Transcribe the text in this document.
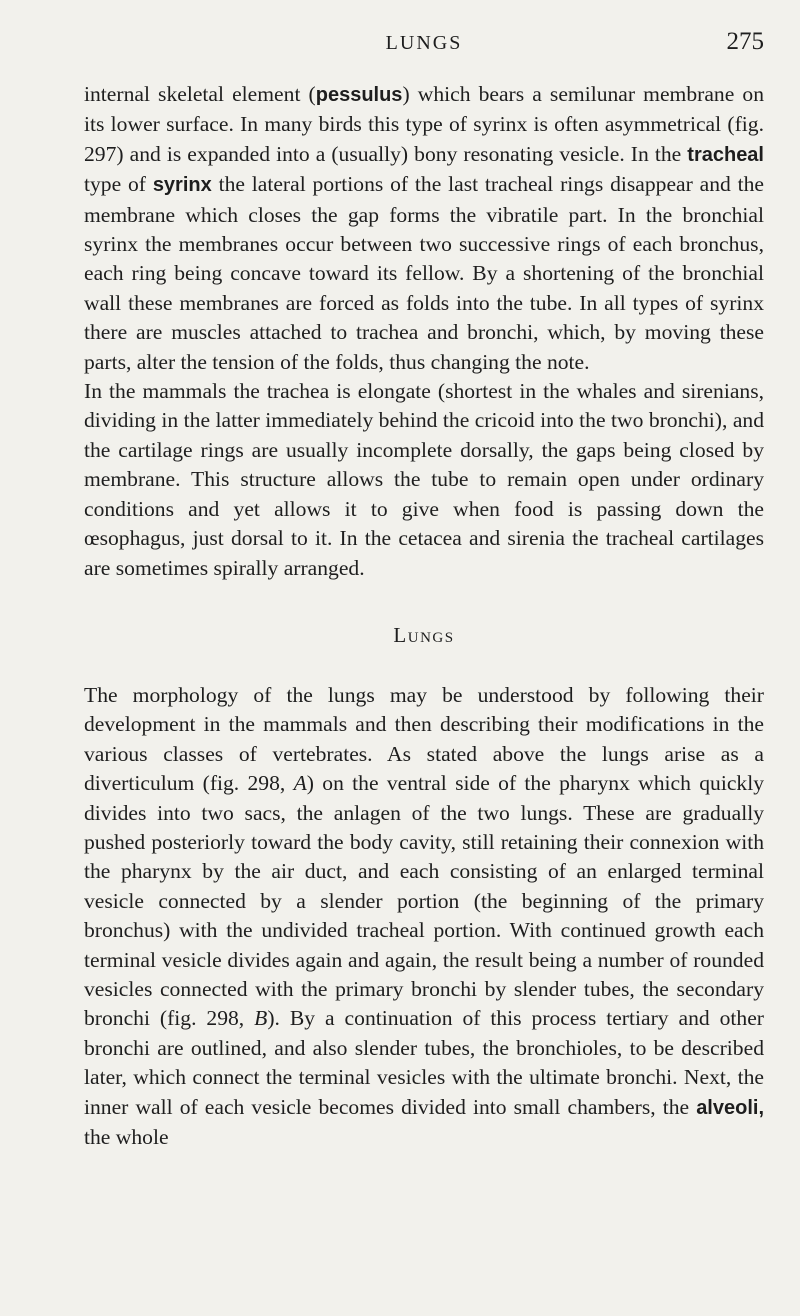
LUNGS	275

internal skeletal element (pessulus) which bears a semilunar membrane on its lower surface. In many birds this type of syrinx is often asymmetrical (fig. 297) and is expanded into a (usually) bony resonating vesicle. In the tracheal type of syrinx the lateral portions of the last tracheal rings disappear and the membrane which closes the gap forms the vibratile part. In the bronchial syrinx the membranes occur between two successive rings of each bronchus, each ring being concave toward its fellow. By a shortening of the bronchial wall these membranes are forced as folds into the tube. In all types of syrinx there are muscles attached to trachea and bronchi, which, by moving these parts, alter the tension of the folds, thus changing the note.

In the mammals the trachea is elongate (shortest in the whales and sirenians, dividing in the latter immediately behind the cricoid into the two bronchi), and the cartilage rings are usually incomplete dorsally, the gaps being closed by membrane. This structure allows the tube to remain open under ordinary conditions and yet allows it to give when food is passing down the œsophagus, just dorsal to it. In the cetacea and sirenia the tracheal cartilages are sometimes spirally arranged.

Lungs

The morphology of the lungs may be understood by following their development in the mammals and then describing their modifications in the various classes of vertebrates. As stated above the lungs arise as a diverticulum (fig. 298, A) on the ventral side of the pharynx which quickly divides into two sacs, the anlagen of the two lungs. These are gradually pushed posteriorly toward the body cavity, still retaining their connexion with the pharynx by the air duct, and each consisting of an enlarged terminal vesicle connected by a slender portion (the beginning of the primary bronchus) with the undivided tracheal portion. With continued growth each terminal vesicle divides again and again, the result being a number of rounded vesicles connected with the primary bronchi by slender tubes, the secondary bronchi (fig. 298, B). By a continuation of this process tertiary and other bronchi are outlined, and also slender tubes, the bronchioles, to be described later, which connect the terminal vesicles with the ultimate bronchi. Next, the inner wall of each vesicle becomes divided into small chambers, the alveoli, the whole
